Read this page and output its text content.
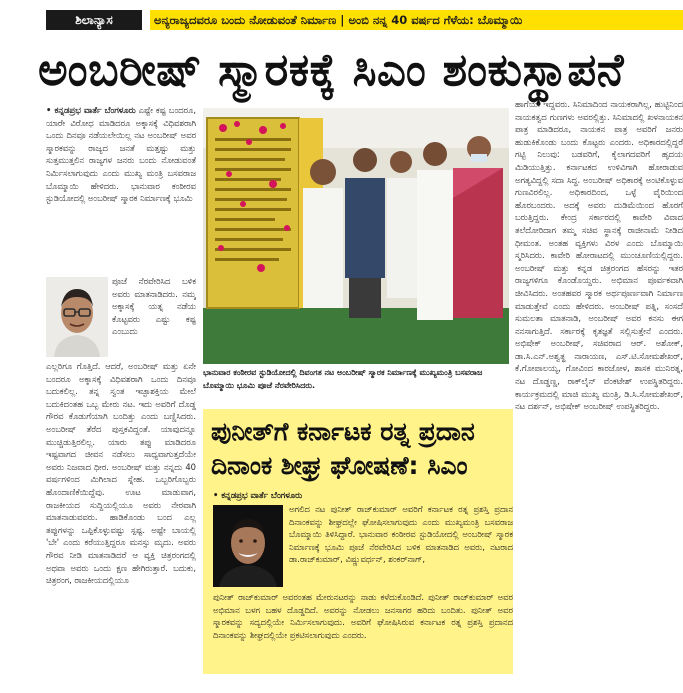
ಶಿಲಾನ್ಯಾಸ	ಅನ್ಯರಾಜ್ಯದವರೂ ಬಂದು ನೋಡುವಂತೆ ನಿರ್ಮಾಣ | ಅಂಬಿ ನನ್ನ 40 ವರ್ಷದ ಗೆಳೆಯ: ಬೊಮ್ಮಾಯಿ
ಅಂಬರೀಷ್ ಸ್ಮಾರಕಕ್ಕೆ ಸಿಎಂ ಶಂಕುಸ್ಥಾಪನೆ
• ಕನ್ನಡಪ್ರಭ ವಾರ್ತೆ ಬೆಂಗಳೂರು ಎಷ್ಟೇ ಕಷ್ಟ ಬಂದರೂ, ಯಾರೇ ವಿರೋಧ ಮಾಡಿದರೂ ಅಕ್ಕಾಸಕ್ಕೆ ವಿಧಿವಶರಾಗಿ ಒಂದು ದಿನವೂ ನಡೆಯಲೇಯಿಲ್ಲ ನಟ ಅಂಬರೀಷ್ ಅವರ ಸ್ಮಾರಕವನ್ನು ರಾಜ್ಯದ ಜನತೆ ಮತ್ತಷ್ಟು ಮತ್ತು ಸುತ್ತಮುತ್ತಲಿನ ರಾಜ್ಯಗಳ ಜನರು ಬಂದು ನೋಡುವಂತೆ ನಿರ್ಮಿಸಲಾಗುವುದು ಎಂದು ಮುಖ್ಯ ಮಂತ್ರಿ ಬಸವರಾಜ ಬೊಮ್ಮಾಯಿ ಹೇಳಿದರು. ಭಾನುವಾರ ಕಂಠೀರವ ಸ್ಟುಡಿಯೋದಲ್ಲಿ ಅಂಬರೀಷ್ ಸ್ಮಾರಕ ನಿರ್ಮಾಣಕ್ಕೆ ಭೂಮಿ
ಪೂಜೆ ನೆರವೇರಿಸಿದ ಬಳಿಕ ಅವರು ಮಾತನಾಡಿದರು. ನಮ್ಮ ಅಕ್ಕಾಸಕ್ಕೆ ಯತ್ನ ನಡೆಯ ಕೊಟ್ಟವರು ಎಷ್ಟು ಕಷ್ಟ ಎಂಬುದು
ಎಲ್ಲರಿಗೂ ಗೊತ್ತಿದೆ. ಆದರೆ, ಅಂಬರೀಷ್ ಮತ್ತು ಏನೇ ಬಂದರೂ ಅಕ್ಕಾಸಕ್ಕೆ ವಿಧಿವಶರಾಗಿ ಒಂದು ದಿನವೂ ಬದುಕಲಿಲ್ಲ. ತನ್ನ ಸ್ವಂತ ಇಚ್ಛಾಶಕ್ತಿಯ ಮೇಲೆ ಬದುಕಿದಂತಹ ಒಬ್ಬ ಮೇರು ನಟ. ಇದು ಅವರಿಗೆ ದೊಡ್ಡ ಗೌರವ ಕೊಡುಗೆಯಾಗಿ ಬಂದಿತ್ತು ಎಂದು ಬಣ್ಣಿಸಿದರು. ಅಂಬರೀಷ್ ತೆರೆದ ಪುಸ್ತಕವಿದ್ದಂತೆ. ಯಾವುದನ್ನೂ ಮುಚ್ಚಿಡುತ್ತಿರಲಿಲ್ಲ. ಯಾರು ತಪ್ಪು ಮಾಡಿದರೂ ಇಷ್ಟವಾಗದ ಜೀವನ ನಡೆಸಲು ಸಾಧ್ಯವಾಗುತ್ತದೆಯೇ ಅವರು ನಿಜವಾದ ಧೀರ. ಅಂಬರೀಷ್ ಮತ್ತು ನನ್ನದು 40 ವರ್ಷಗಳಿಂದ ಮಿಗಿಲಾದ ಸ್ನೇಹ. ಒಬ್ಬರಿಗೊಬ್ಬರು ಹೊಂದಾಣಿಕೆಯಿದ್ದೆವು. ಊಟ ಮಾಡುವಾಗ, ರಾಜಕೀಯದ ಸುದ್ದಿಯಲ್ಲಿಯೂ ಅವರು ನೇರವಾಗಿ ಮಾತನಾಡುವವರು. ಹಾಡಿಕೊಂಡು ಬಂದ ಎಲ್ಲ ತಪ್ಪುಗಳನ್ನು ಒಪ್ಪಿಕೊಳ್ಳುವಷ್ಟು ಸ್ಪಷ್ಟ. ಅಷ್ಟೇ ಬಾಯಲ್ಲಿ 'ಬೇ' ಎಂದು ಕರೆಯುತ್ತಿದ್ದರೂ ಮನಸ್ಸು ಮೃದು. ಅವರು ಗೌರವ ನೀಡಿ ಮಾತನಾಡಿದರೆ ಆ ವ್ಯಕ್ತಿ ಚಿತ್ರರಂಗದಲ್ಲಿ ಅಥವಾ ಅವರು ಒಂದು ಕ್ಷಣ ಹೇಗಿರುತ್ತಾರೆ. ಬದುಕು, ಚಿತ್ರರಂಗ, ರಾಜಕೀಯದಲ್ಲಿಯೂ
ಭಾನುವಾರ ಕಂಠೀರವ ಸ್ಟುಡಿಯೋದಲ್ಲಿ ದಿವಂಗತ ನಟ ಅಂಬರೀಷ್ ಸ್ಮಾರಕ ನಿರ್ಮಾಣಕ್ಕೆ ಮುಖ್ಯಮಂತ್ರಿ ಬಸವರಾಜ ಬೊಮ್ಮಾಯಿ ಭೂಮಿ ಪೂಜೆ ನೆರವೇರಿಸಿದರು.
ಪುನೀತ್‌ಗೆ ಕರ್ನಾಟಕ ರತ್ನ ಪ್ರದಾನ
ದಿನಾಂಕ ಶೀಘ್ರ ಘೋಷಣೆ: ಸಿಎಂ
• ಕನ್ನಡಪ್ರಭ ವಾರ್ತೆ ಬೆಂಗಳೂರು
ಅಗಲಿದ ನಟ ಪುನೀತ್ ರಾಜ್‌ಕುಮಾರ್ ಅವರಿಗೆ ಕರ್ನಾಟಕ ರತ್ನ ಪ್ರಶಸ್ತಿ ಪ್ರದಾನ ದಿನಾಂಕವನ್ನು ಶೀಘ್ರದಲ್ಲೇ ಘೋಷಿಸಲಾಗುವುದು ಎಂದು ಮುಖ್ಯಮಂತ್ರಿ ಬಸವರಾಜ ಬೊಮ್ಮಾಯಿ ತಿಳಿಸಿದ್ದಾರೆ. ಭಾನುವಾರ ಕಂಠೀರವ ಸ್ಟುಡಿಯೋದಲ್ಲಿ ಅಂಬರೀಷ್ ಸ್ಮಾರಕ ನಿರ್ಮಾಣಕ್ಕೆ ಭೂಮಿ ಪೂಜೆ ನೆರವೇರಿಸಿದ ಬಳಿಕ ಮಾತನಾಡಿದ ಅವರು, ನಟರಾದ ಡಾ.ರಾಜ್‌ಕುಮಾರ್, ವಿಷ್ಣುವರ್ಧನ್, ಶಂಕರ್‌ನಾಗ್,
ಪುನೀತ್ ರಾಜ್‌ಕುಮಾರ್ ಅವರಂತಹ ಮೇರುನಟರನ್ನು ನಾಡು ಕಳೆದುಕೊಂಡಿದೆ. ಪುನೀತ್ ರಾಜ್‌ಕುಮಾರ್ ಅವರ ಅಭಿಮಾನ ಬಳಗ ಬಹಳ ದೊಡ್ಡದಿದೆ. ಅವರನ್ನು ನೋಡಲು ಜನಸಾಗರ ಹರಿದು ಬಂದಿತು. ಪುನೀತ್ ಅವರ ಸ್ಮಾರಕವನ್ನು ಸದ್ಯದಲ್ಲಿಯೇ ನಿರ್ಮಿಸಲಾಗುವುದು. ಅವರಿಗೆ ಘೋಷಿಸಿರುವ ಕರ್ನಾಟಕ ರತ್ನ ಪ್ರಶಸ್ತಿ ಪ್ರದಾನದ ದಿನಾಂಕವನ್ನು ಶೀಘ್ರದಲ್ಲಿಯೇ ಪ್ರಕಟಿಸಲಾಗುವುದು ಎಂದರು.
ಹಾಗೆಯೇ ಇದ್ದವರು. ಸಿನಿಮಾದಿಂದ ನಾಯಕರಾಗಿಲ್ಲ, ಹುಟ್ಟಿನಿಂದ ನಾಯಕತ್ವದ ಗುಣಗಳು ಅವರಲ್ಲಿತ್ತು. ಸಿನಿಮಾದಲ್ಲಿ ಖಳನಾಯಕನ ಪಾತ್ರ ಮಾಡಿದರೂ, ನಾಯಕನ ಪಾತ್ರ ಅವರಿಗೆ ಜನರು ಹುಡುಕಿಕೊಂಡು ಬಂದು ಕೊಟ್ಟರು ಎಂದರು. ಅಧಿಕಾರದಲ್ಲಿದ್ದರೆ ಗಟ್ಟಿ ನಿಲುವು: ಬಡವರಿಗೆ, ಕೈಲಾಗದವರಿಗೆ ಹೃದಯ ಮಿಡಿಯುತ್ತಿತ್ತು. ಕರ್ನಾಟಕದ ಉಳಿವಿಗಾಗಿ ಹೋರಾಡುವ ಅಗತ್ಯವಿದ್ದಲ್ಲಿ ಸದಾ ಸಿದ್ಧ. ಅಂಬರೀಷ್ ಅಧಿಕಾರಕ್ಕೆ ಅಂಟಿಕೊಳ್ಳುವ ಗುಣವಿರಲಿಲ್ಲ. ಅಧಿಕಾರದಿಂದ, ಒಳ್ಳೆ ವೈರಿಯಿಂದ ಹೊರಬಂದರು. ಅದಕ್ಕೆ ಅವರು ದುಡಿಮೆಯಿಂದ ಹೊರಗೆ ಬರುತ್ತಿದ್ದರು. ಕೇಂದ್ರ ಸರ್ಕಾರದಲ್ಲಿ ಕಾವೇರಿ ವಿವಾದ ತಲೆದೋರಿದಾಗ ತಮ್ಮ ಸಚಿವ ಸ್ಥಾನಕ್ಕೆ ರಾಜೀನಾಮೆ ನೀಡಿದ ಧೀಮಂತ. ಅಂತಹ ವ್ಯಕ್ತಿಗಳು ವಿರಳ ಎಂದು ಬೊಮ್ಮಾಯಿ ಸ್ಮರಿಸಿದರು. ಕಾವೇರಿ ಹೋರಾಟದಲ್ಲಿ ಮುಂಚೂಣಿಯಲ್ಲಿದ್ದರು. ಅಂಬರೀಷ್ ಮತ್ತು ಕನ್ನಡ ಚಿತ್ರರಂಗದ ಹೆಸರನ್ನು ಇತರ ರಾಜ್ಯಗಳಿಗೂ ಕೊಂಡೊಯ್ದರು. ಅಭಿಮಾನ ಪೂರ್ವಕವಾಗಿ ಜೀವಿಸಿದರು. ಅಂತಹವರ ಸ್ಮಾರಕ ಅರ್ಥಪೂರ್ಣವಾಗಿ ನಿರ್ಮಾಣ ಮಾಡುತ್ತೇವೆ ಎಂದು ಹೇಳಿದರು. ಅಂಬರೀಷ್ ಪತ್ನಿ, ಸಂಸದೆ ಸುಮಲತಾ ಮಾತನಾಡಿ, ಅಂಬರೀಷ್ ಅವರ ಕನಸು ಈಗ ನನಸಾಗುತ್ತಿದೆ. ಸರ್ಕಾರಕ್ಕೆ ಕೃತಜ್ಞತೆ ಸಲ್ಲಿಸುತ್ತೇನೆ ಎಂದರು. ಅಭಿಷೇಕ್ ಅಂಬರೀಷ್, ಸಚಿವರಾದ ಆರ್. ಅಶೋಕ್, ಡಾ.ಸಿ.ಎನ್.ಅಶ್ವತ್ಥ ನಾರಾಯಣ, ಎಸ್.ಟಿ.ಸೋಮಶೇಖರ್, ಕೆ.ಗೋಪಾಲಯ್ಯ, ಗೋವಿಂದ ಕಾರಜೋಳ, ಶಾಸಕ ಮುನಿರತ್ನ, ನಟ ದೊಡ್ಡಣ್ಣ, ರಾಕ್‌ಲೈನ್ ವೆಂಕಟೇಶ್ ಉಪಸ್ಥಿತರಿದ್ದರು. ಕಾರ್ಯಕ್ರಮದಲ್ಲಿ ಮಾಜಿ ಮುಖ್ಯ ಮಂತ್ರಿ, ಡಿ.ಸಿ.ಸೋಮಶೇಖರ್, ನಟ ದರ್ಶನ್, ಅಭಿಷೇಕ್ ಅಂಬರೀಷ್ ಉಪಸ್ಥಿತರಿದ್ದರು.
